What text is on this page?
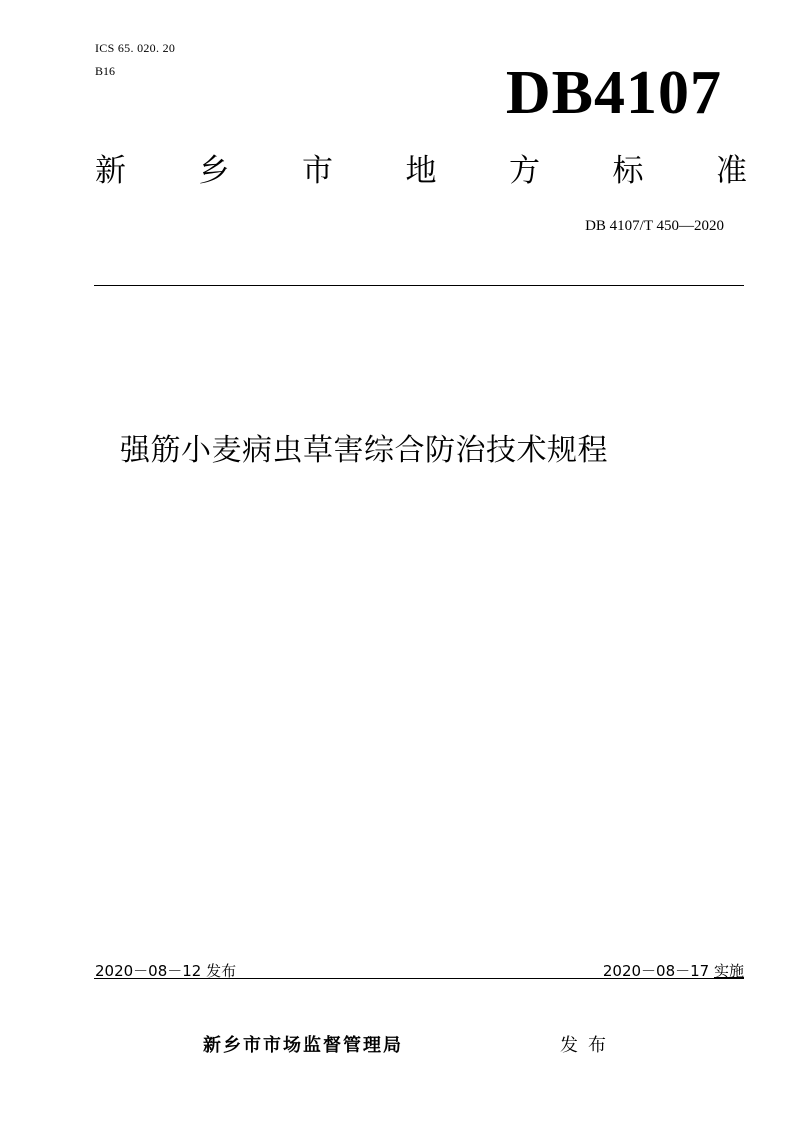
ICS 65. 020. 20
B16	DB4107
新 乡 市 地 方 标 准
DB 4107/T 450—2020
强筋小麦病虫草害综合防治技术规程
2020－08－12 发布	2020－08－17 实施
新乡市市场监督管理局	发布
